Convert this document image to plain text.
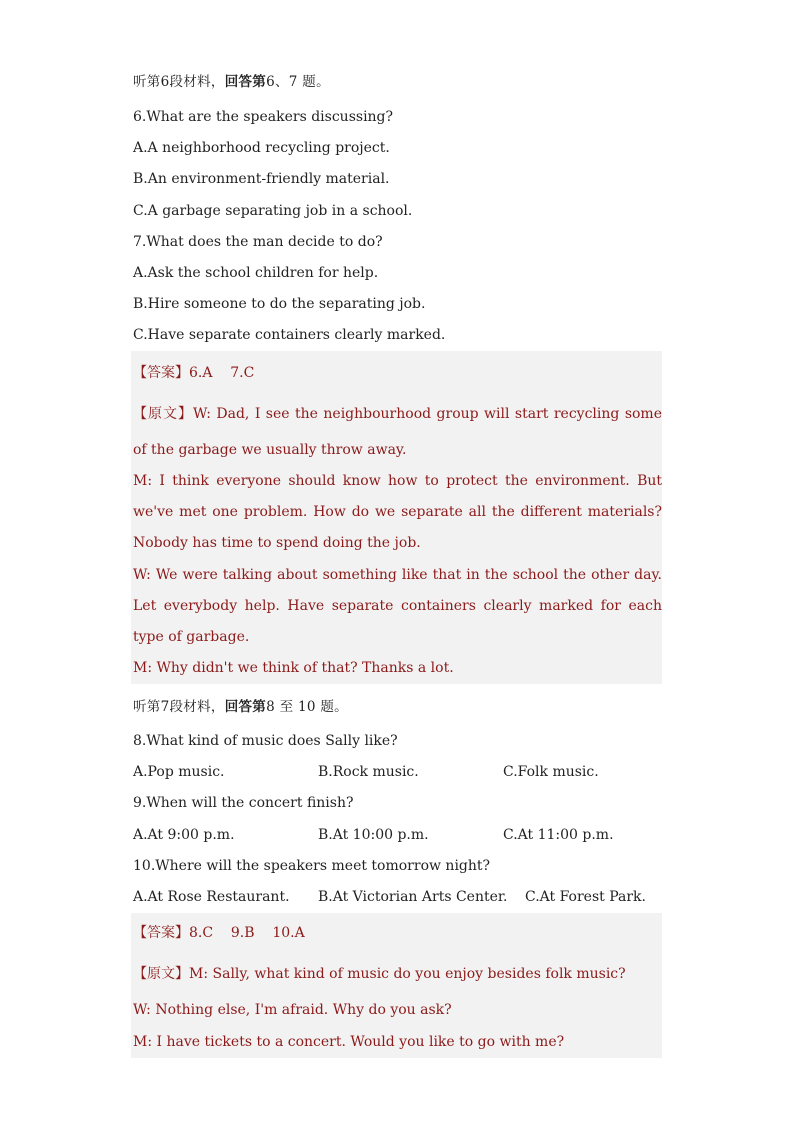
听第6段材料，回答第6、7 题。
6.What are the speakers discussing?
A.A neighborhood recycling project.
B.An environment-friendly material.
C.A garbage separating job in a school.
7.What does the man decide to do?
A.Ask the school children for help.
B.Hire someone to do the separating job.
C.Have separate containers clearly marked.
【答案】6.A    7.C
【原文】W: Dad, I see the neighbourhood group will start recycling some
of the garbage we usually throw away.
M: I think everyone should know how to protect the environment. But
we've met one problem. How do we separate all the different materials?
Nobody has time to spend doing the job.
W: We were talking about something like that in the school the other day.
Let everybody help. Have separate containers clearly marked for each
type of garbage.
M: Why didn't we think of that? Thanks a lot.
听第7段材料，回答第8 至 10 题。
8.What kind of music does Sally like?
A.Pop music.	B.Rock music.	C.Folk music.
9.When will the concert finish?
A.At 9:00 p.m.	B.At 10:00 p.m.	C.At 11:00 p.m.
10.Where will the speakers meet tomorrow night?
A.At Rose Restaurant. B.At Victorian Arts Center. C.At Forest Park.
【答案】8.C    9.B    10.A
【原文】M: Sally, what kind of music do you enjoy besides folk music?
W: Nothing else, I'm afraid. Why do you ask?
M: I have tickets to a concert. Would you like to go with me?
